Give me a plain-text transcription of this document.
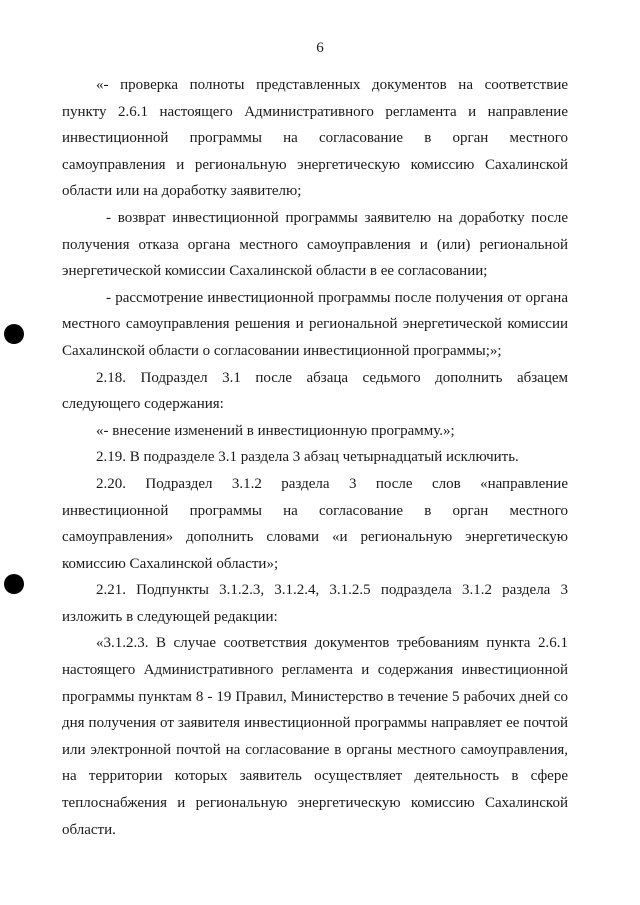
6

«- проверка полноты представленных документов на соответствие пункту 2.6.1 настоящего Административного регламента и направление инвестиционной программы на согласование в орган местного самоуправления и региональную энергетическую комиссию Сахалинской области или на доработку заявителю;

- возврат инвестиционной программы заявителю на доработку после получения отказа органа местного самоуправления и (или) региональной энергетической комиссии Сахалинской области в ее согласовании;

- рассмотрение инвестиционной программы после получения от органа местного самоуправления решения и региональной энергетической комиссии Сахалинской области о согласовании инвестиционной программы;»;

2.18. Подраздел 3.1 после абзаца седьмого дополнить абзацем следующего содержания:

«- внесение изменений в инвестиционную программу.»;

2.19. В подразделе 3.1 раздела 3 абзац четырнадцатый исключить.

2.20. Подраздел 3.1.2 раздела 3 после слов «направление инвестиционной программы на согласование в орган местного самоуправления» дополнить словами «и региональную энергетическую комиссию Сахалинской области»;

2.21. Подпункты 3.1.2.3, 3.1.2.4, 3.1.2.5 подраздела 3.1.2 раздела 3 изложить в следующей редакции:

«3.1.2.3. В случае соответствия документов требованиям пункта 2.6.1 настоящего Административного регламента и содержания инвестиционной программы пунктам 8 - 19 Правил, Министерство в течение 5 рабочих дней со дня получения от заявителя инвестиционной программы направляет ее почтой или электронной почтой на согласование в органы местного самоуправления, на территории которых заявитель осуществляет деятельность в сфере теплоснабжения и региональную энергетическую комиссию Сахалинской области.
